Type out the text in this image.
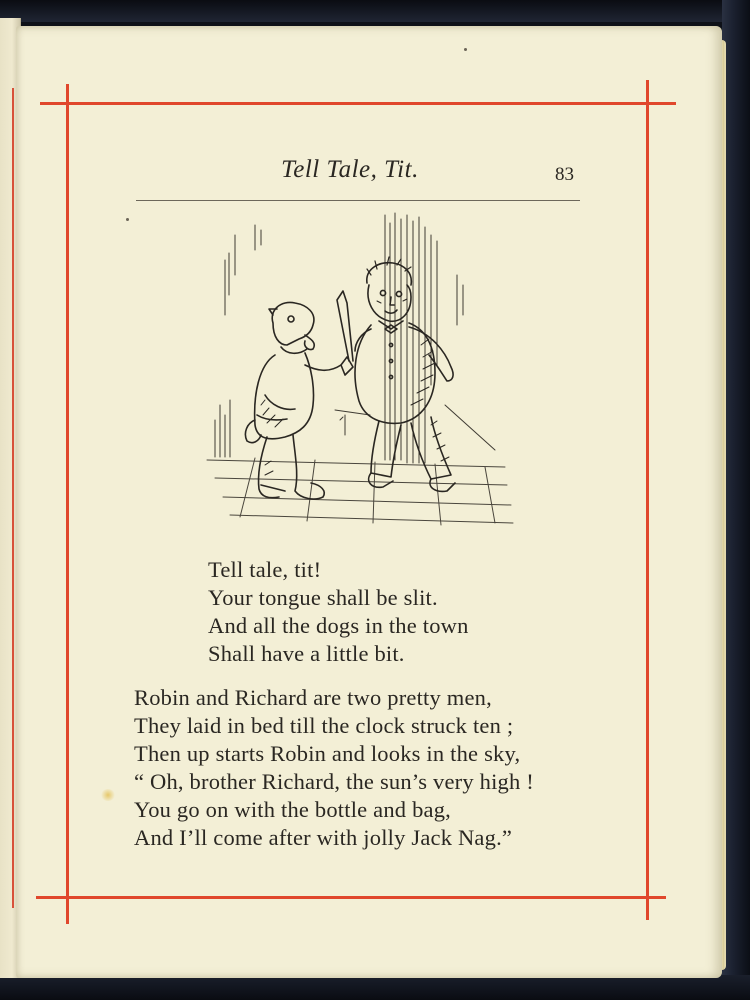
Tell Tale, Tit.	83
Tell tale, tit!
Your tongue shall be slit.
And all the dogs in the town
Shall have a little bit.
Robin and Richard are two pretty men,
They laid in bed till the clock struck ten ;
Then up starts Robin and looks in the sky,
“ Oh, brother Richard, the sun’s very high !
You go on with the bottle and bag,
And I’ll come after with jolly Jack Nag.”
